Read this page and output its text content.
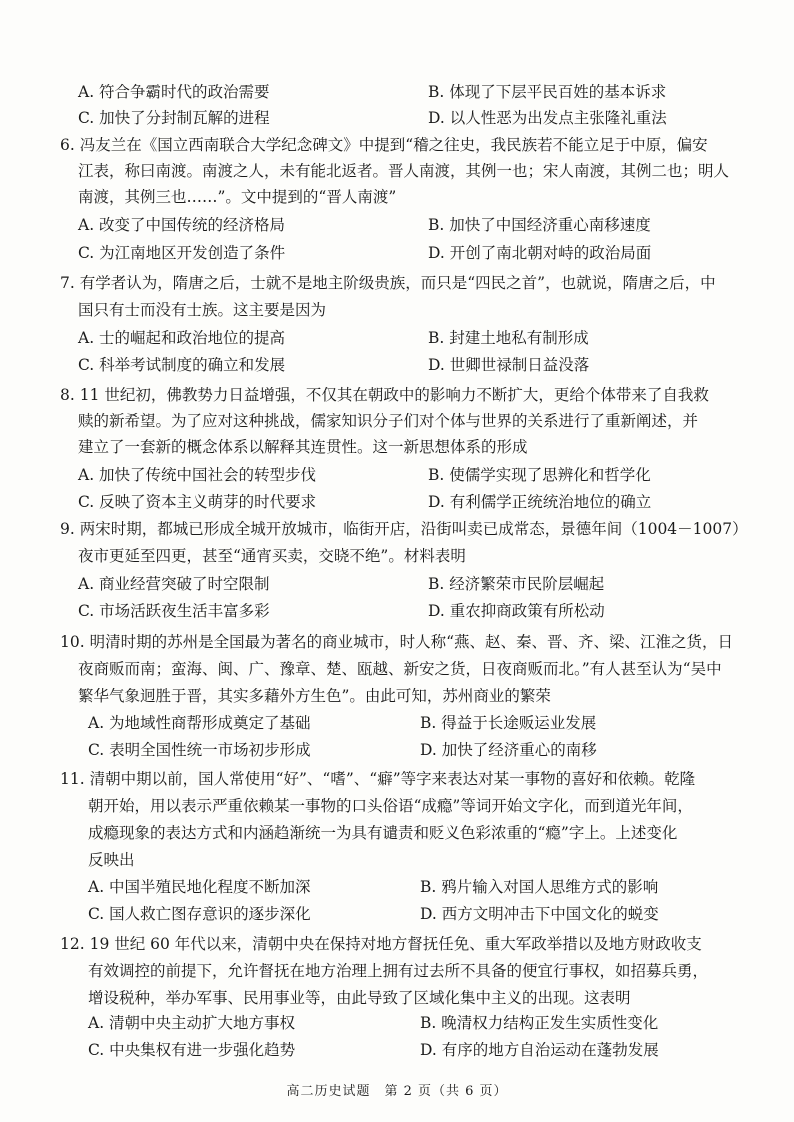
A. 符合争霸时代的政治需要	B. 体现了下层平民百姓的基本诉求
C. 加快了分封制瓦解的进程	D. 以人性恶为出发点主张隆礼重法
6. 冯友兰在《国立西南联合大学纪念碑文》中提到“稽之往史，我民族若不能立足于中原，偏安
江表，称曰南渡。南渡之人，未有能北返者。晋人南渡，其例一也；宋人南渡，其例二也；明人
南渡，其例三也……”。文中提到的“晋人南渡”
A. 改变了中国传统的经济格局	B. 加快了中国经济重心南移速度
C. 为江南地区开发创造了条件	D. 开创了南北朝对峙的政治局面
7. 有学者认为，隋唐之后，士就不是地主阶级贵族，而只是“四民之首”，也就说，隋唐之后，中
国只有士而没有士族。这主要是因为
A. 士的崛起和政治地位的提高	B. 封建土地私有制形成
C. 科举考试制度的确立和发展	D. 世卿世禄制日益没落
8. 11 世纪初，佛教势力日益增强，不仅其在朝政中的影响力不断扩大，更给个体带来了自我救
赎的新希望。为了应对这种挑战，儒家知识分子们对个体与世界的关系进行了重新阐述，并
建立了一套新的概念体系以解释其连贯性。这一新思想体系的形成
A. 加快了传统中国社会的转型步伐	B. 使儒学实现了思辨化和哲学化
C. 反映了资本主义萌芽的时代要求	D. 有利儒学正统统治地位的确立
9. 两宋时期，都城已形成全城开放城市，临街开店，沿街叫卖已成常态，景德年间（1004－1007）
夜市更延至四更，甚至“通宵买卖，交晓不绝”。材料表明
A. 商业经营突破了时空限制	B. 经济繁荣市民阶层崛起
C. 市场活跃夜生活丰富多彩	D. 重农抑商政策有所松动
10. 明清时期的苏州是全国最为著名的商业城市，时人称“燕、赵、秦、晋、齐、梁、江淮之货，日
夜商贩而南；蛮海、闽、广、豫章、楚、瓯越、新安之货，日夜商贩而北。”有人甚至认为“吴中
繁华气象迥胜于晋，其实多藉外方生色”。由此可知，苏州商业的繁荣
A. 为地域性商帮形成奠定了基础	B. 得益于长途贩运业发展
C. 表明全国性统一市场初步形成	D. 加快了经济重心的南移
11. 清朝中期以前，国人常使用“好”、“嗜”、“癖”等字来表达对某一事物的喜好和依赖。乾隆
朝开始，用以表示严重依赖某一事物的口头俗语“成瘾”等词开始文字化，而到道光年间，
成瘾现象的表达方式和内涵趋渐统一为具有谴责和贬义色彩浓重的“瘾”字上。上述变化
反映出
A. 中国半殖民地化程度不断加深	B. 鸦片输入对国人思维方式的影响
C. 国人救亡图存意识的逐步深化	D. 西方文明冲击下中国文化的蜕变
12. 19 世纪 60 年代以来，清朝中央在保持对地方督抚任免、重大军政举措以及地方财政收支
有效调控的前提下，允许督抚在地方治理上拥有过去所不具备的便宜行事权，如招募兵勇，
增设税种，举办军事、民用事业等，由此导致了区域化集中主义的出现。这表明
A. 清朝中央主动扩大地方事权	B. 晚清权力结构正发生实质性变化
C. 中央集权有进一步强化趋势	D. 有序的地方自治运动在蓬勃发展
高二历史试题　第 2 页（共 6 页）
